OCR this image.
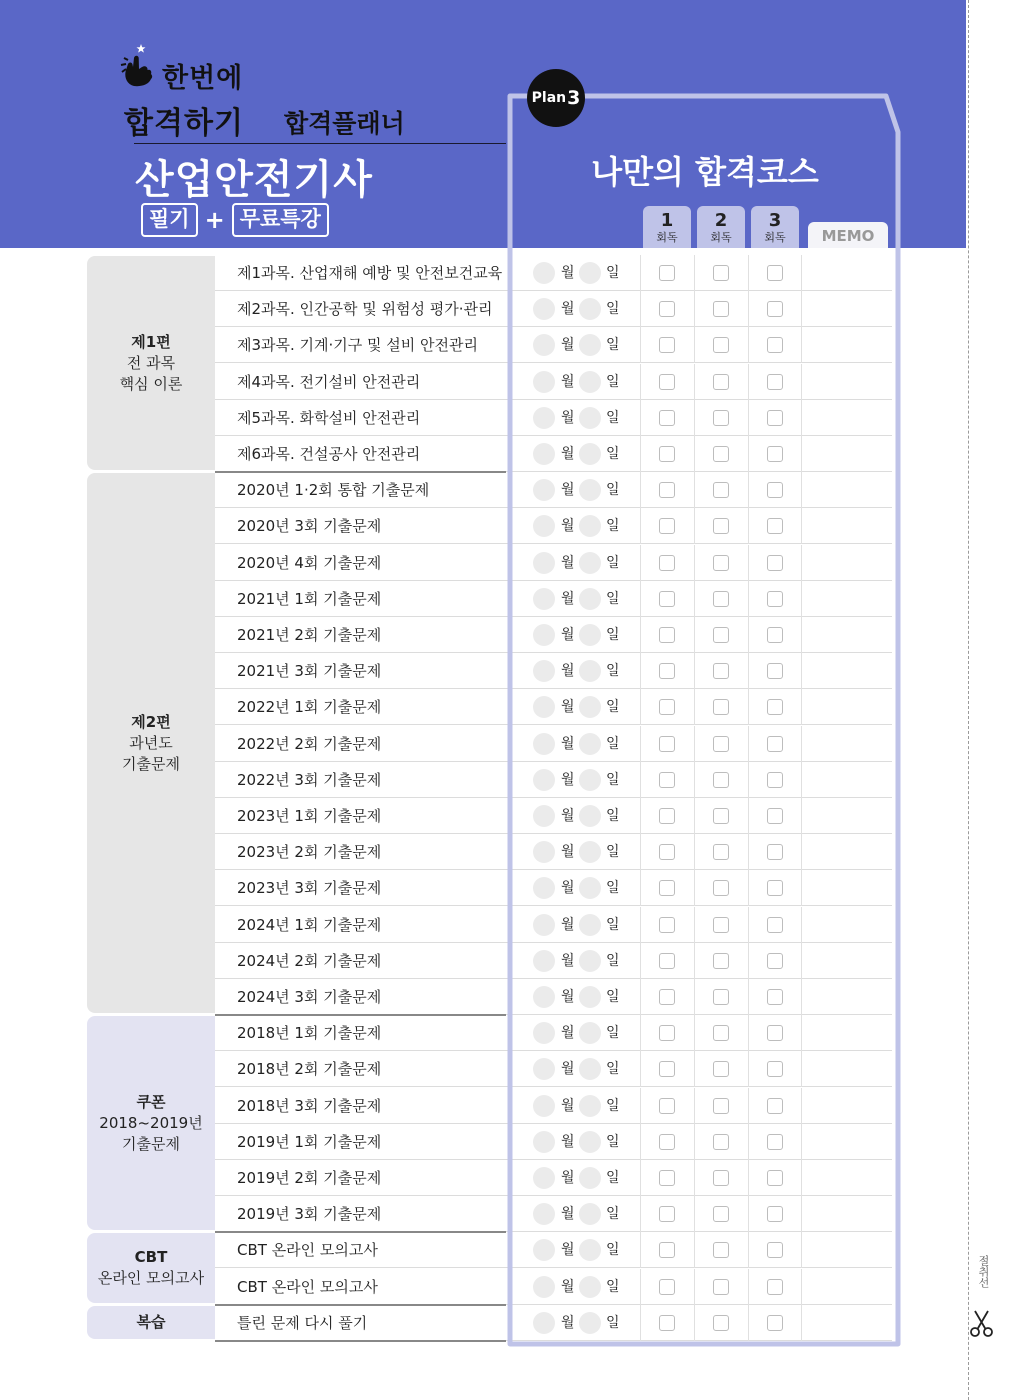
한번에
합격하기 합격플래너
산업안전기사
필기 + 무료특강
Plan 3
나만의 합격코스
1
회독
2
회독
3
회독	MEMO
제1편
전 과목
핵심 이론
제1과목. 산업재해 예방 및 안전보건교육	월 일
제2과목. 인간공학 및 위험성 평가·관리	월 일
제3과목. 기계·기구 및 설비 안전관리	월 일
제4과목. 전기설비 안전관리	월 일
제5과목. 화학설비 안전관리	월 일
제6과목. 건설공사 안전관리	월 일
제2편
과년도
기출문제
2020년 1·2회 통합 기출문제	월 일
2020년 3회 기출문제	월 일
2020년 4회 기출문제	월 일
2021년 1회 기출문제	월 일
2021년 2회 기출문제	월 일
2021년 3회 기출문제	월 일
2022년 1회 기출문제	월 일
2022년 2회 기출문제	월 일
2022년 3회 기출문제	월 일
2023년 1회 기출문제	월 일
2023년 2회 기출문제	월 일
2023년 3회 기출문제	월 일
2024년 1회 기출문제	월 일
2024년 2회 기출문제	월 일
2024년 3회 기출문제	월 일
쿠폰
2018~2019년
기출문제
2018년 1회 기출문제	월 일
2018년 2회 기출문제	월 일
2018년 3회 기출문제	월 일
2019년 1회 기출문제	월 일
2019년 2회 기출문제	월 일
2019년 3회 기출문제	월 일
CBT
온라인 모의고사
CBT 온라인 모의고사	월 일
CBT 온라인 모의고사	월 일
복습	틀린 문제 다시 풀기	월 일
절취선
